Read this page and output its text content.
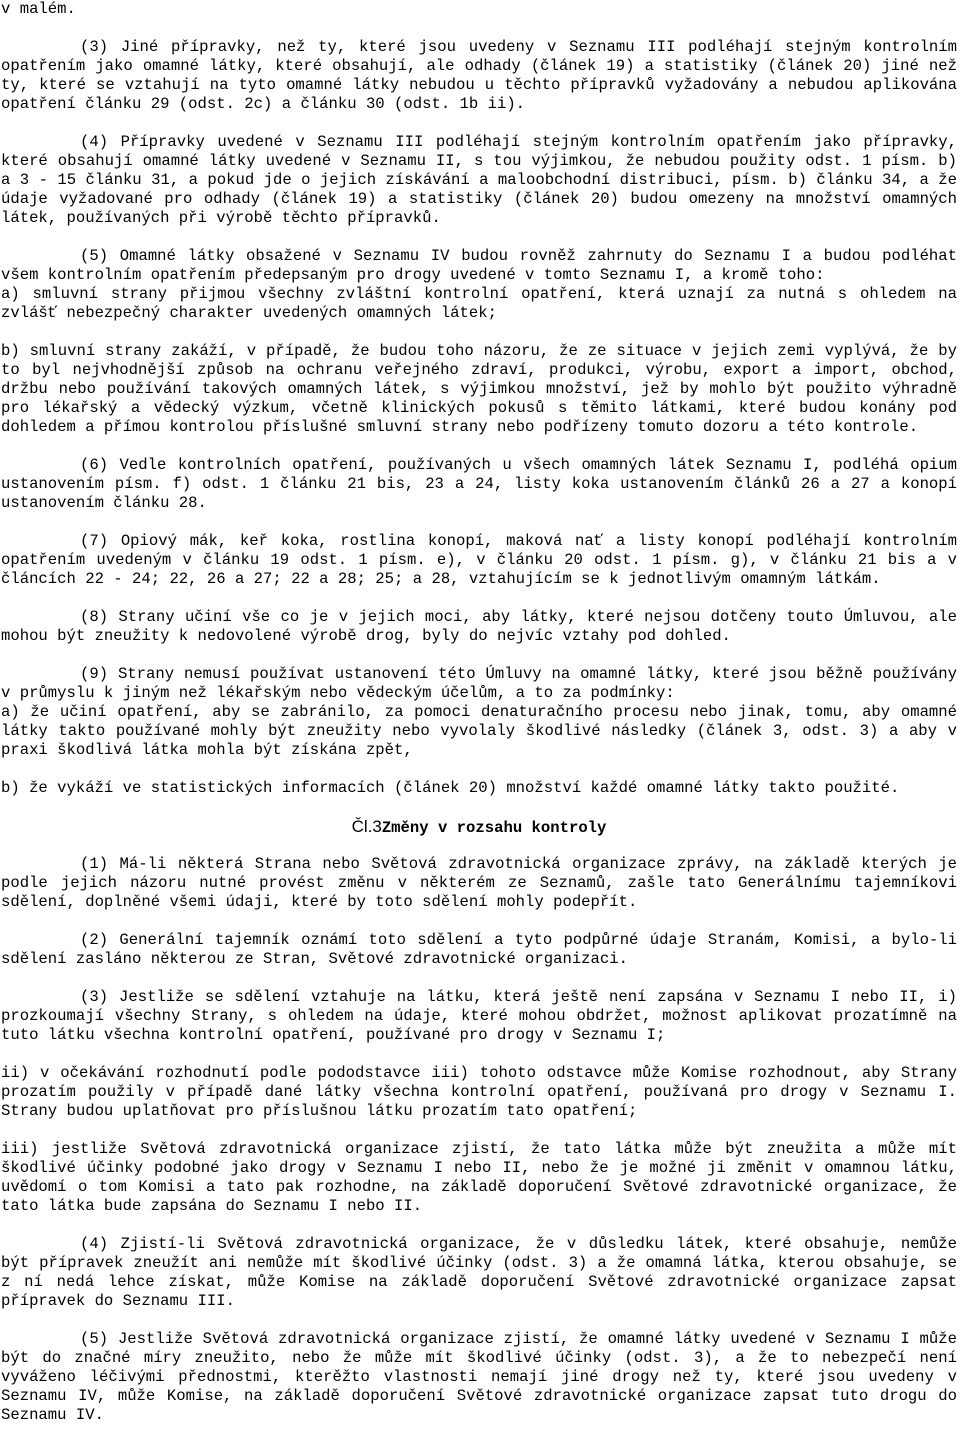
v malém.

(3) Jiné přípravky, než ty, které jsou uvedeny v Seznamu III podléhají stejným kontrolním opatřením jako omamné látky, které obsahují, ale odhady (článek 19) a statistiky (článek 20) jiné než ty, které se vztahují na tyto omamné látky nebudou u těchto přípravků vyžadovány a nebudou aplikována opatření článku 29 (odst. 2c) a článku 30 (odst. 1b ii).

(4) Přípravky uvedené v Seznamu III podléhají stejným kontrolním opatřením jako přípravky, které obsahují omamné látky uvedené v Seznamu II, s tou výjimkou, že nebudou použity odst. 1 písm. b) a 3 - 15 článku 31, a pokud jde o jejich získávání a maloobchodní distribuci, písm. b) článku 34, a že údaje vyžadované pro odhady (článek 19) a statistiky (článek 20) budou omezeny na množství omamných látek, používaných při výrobě těchto přípravků.

(5) Omamné látky obsažené v Seznamu IV budou rovněž zahrnuty do Seznamu I a budou podléhat všem kontrolním opatřením předepsaným pro drogy uvedené v tomto Seznamu I, a kromě toho:

a) smluvní strany přijmou všechny zvláštní kontrolní opatření, která uznají za nutná s ohledem na zvlášť nebezpečný charakter uvedených omamných látek;

b) smluvní strany zakáží, v případě, že budou toho názoru, že ze situace v jejich zemi vyplývá, že by to byl nejvhodnější způsob na ochranu veřejného zdraví, produkci, výrobu, export a import, obchod, držbu nebo používání takových omamných látek, s výjimkou množství, jež by mohlo být použito výhradně pro lékařský a vědecký výzkum, včetně klinických pokusů s těmito látkami, které budou konány pod dohledem a přímou kontrolou příslušné smluvní strany nebo podřízeny tomuto dozoru a této kontrole.

(6) Vedle kontrolních opatření, používaných u všech omamných látek Seznamu I, podléhá opium ustanovením písm. f) odst. 1 článku 21 bis, 23 a 24, listy koka ustanovením článků 26 a 27 a konopí ustanovením článku 28.

(7) Opiový mák, keř koka, rostlina konopí, maková nať a listy konopí podléhají kontrolním opatřením uvedeným v článku 19 odst. 1 písm. e), v článku 20 odst. 1 písm. g), v článku 21 bis a v článcích 22 - 24; 22, 26 a 27; 22 a 28; 25; a 28, vztahujícím se k jednotlivým omamným látkám.

(8) Strany učiní vše co je v jejich moci, aby látky, které nejsou dotčeny touto Úmluvou, ale mohou být zneužity k nedovolené výrobě drog, byly do nejvíc vztahy pod dohled.

(9) Strany nemusí používat ustanovení této Úmluvy na omamné látky, které jsou běžně používány v průmyslu k jiným než lékařským nebo vědeckým účelům, a to za podmínky:

a) že učiní opatření, aby se zabránilo, za pomoci denaturačního procesu nebo jinak, tomu, aby omamné látky takto používané mohly být zneužity nebo vyvolaly škodlivé následky (článek 3, odst. 3) a aby v praxi škodlivá látka mohla být získána zpět,

b) že vykáží ve statistických informacích (článek 20) množství každé omamné látky takto použité.

Čl.3Změny v rozsahu kontroly

(1) Má-li některá Strana nebo Světová zdravotnická organizace zprávy, na základě kterých je podle jejich názoru nutné provést změnu v některém ze Seznamů, zašle tato Generálnímu tajemníkovi sdělení, doplněné všemi údaji, které by toto sdělení mohly podepřít.

(2) Generální tajemník oznámí toto sdělení a tyto podpůrné údaje Stranám, Komisi, a bylo-li sdělení zasláno některou ze Stran, Světové zdravotnické organizaci.

(3) Jestliže se sdělení vztahuje na látku, která ještě není zapsána v Seznamu I nebo II, i) prozkoumají všechny Strany, s ohledem na údaje, které mohou obdržet, možnost aplikovat prozatímně na tuto látku všechna kontrolní opatření, používané pro drogy v Seznamu I;

ii) v očekávání rozhodnutí podle pododstavce iii) tohoto odstavce může Komise rozhodnout, aby Strany prozatím použily v případě dané látky všechna kontrolní opatření, používaná pro drogy v Seznamu I. Strany budou uplatňovat pro příslušnou látku prozatím tato opatření;

iii) jestliže Světová zdravotnická organizace zjistí, že tato látka může být zneužita a může mít škodlivé účinky podobné jako drogy v Seznamu I nebo II, nebo že je možné ji změnit v omamnou látku, uvědomí o tom Komisi a tato pak rozhodne, na základě doporučení Světové zdravotnické organizace, že tato látka bude zapsána do Seznamu I nebo II.

(4) Zjistí-li Světová zdravotnická organizace, že v důsledku látek, které obsahuje, nemůže být přípravek zneužít ani nemůže mít škodlivé účinky (odst. 3) a že omamná látka, kterou obsahuje, se z ní nedá lehce získat, může Komise na základě doporučení Světové zdravotnické organizace zapsat přípravek do Seznamu III.

(5) Jestliže Světová zdravotnická organizace zjistí, že omamné látky uvedené v Seznamu I může být do značné míry zneužito, nebo že může mít škodlivé účinky (odst. 3), a že to nebezpečí není vyváženo léčivými přednostmi, kterěžto vlastnosti nemají jiné drogy než ty, které jsou uvedeny v Seznamu IV, může Komise, na základě doporučení Světové zdravotnické organizace zapsat tuto drogu do Seznamu IV.
